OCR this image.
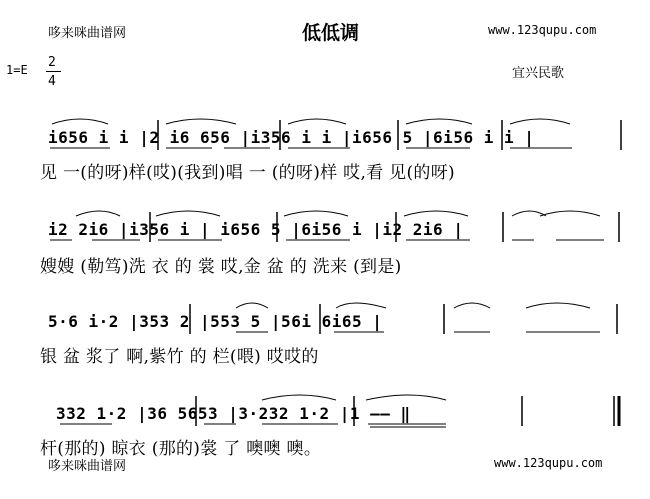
哆来咪曲谱网	低低调	www.123qupu.com
1=E 2
4
宜兴民歌
i656 i i |2 i6 656 |i356 i i |i656 5 |6i56 i i |
见 一(的呀)样(哎)(我到)唱 一 (的呀)样 哎,看 见(的呀)
i2 2i6 |i356 i | i656 5 |6i56 i |i2 2i6 |
嫂嫂 (勒笃)洗 衣 的 裳 哎,金 盆 的 洗来 (到是)
5·6 i·2 |353 2 |553 5 |56i 6i65 |
银 盆 浆了 啊,紫竹 的 栏(喂) 哎哎的
332 1·2 |36 5653 |3·232 1·2 |1 —— ‖
杆(那的) 晾衣 (那的)裳 了 噢噢 噢。
哆来咪曲谱网	www.123qupu.com
